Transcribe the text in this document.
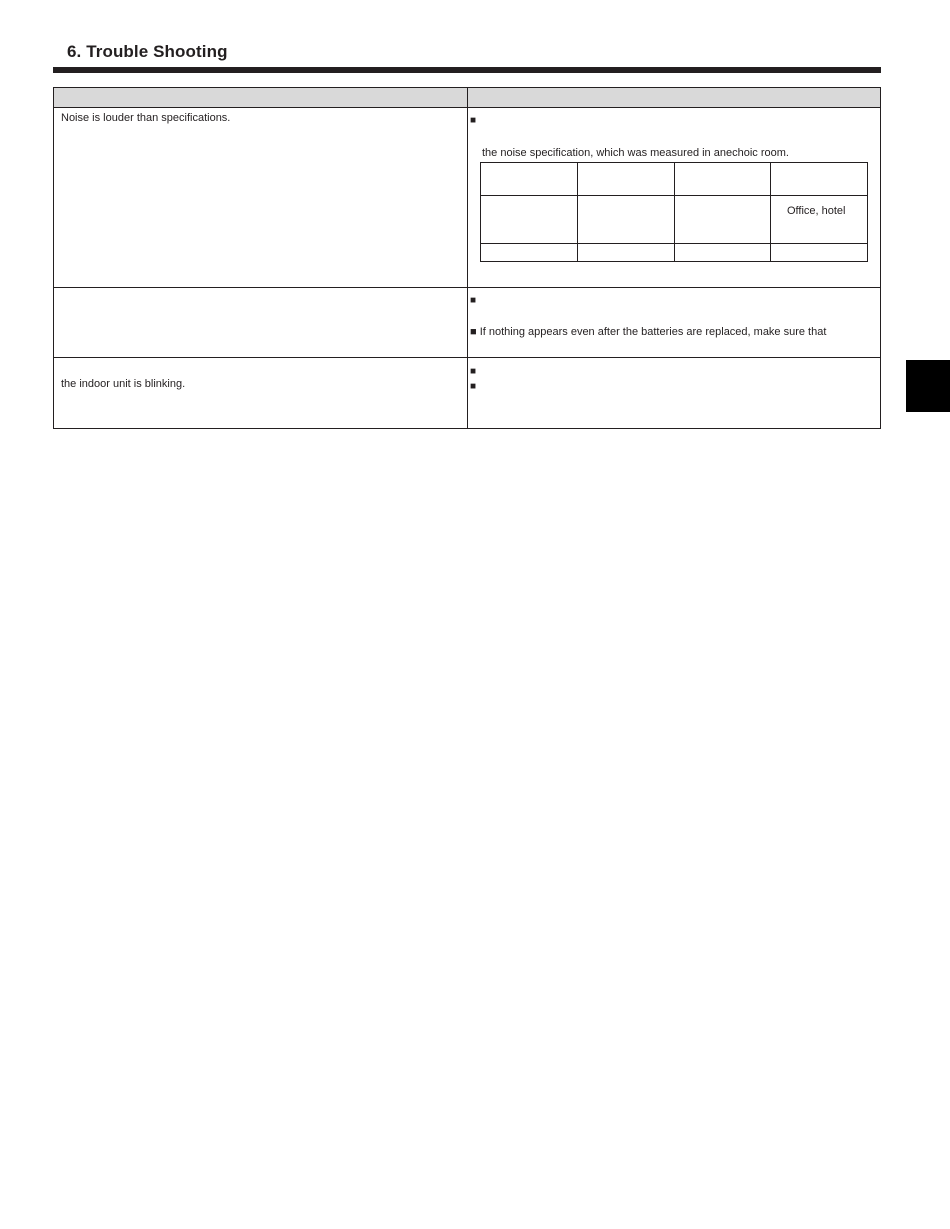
6. Trouble Shooting
Noise is louder than specifications.	■
the noise specification, which was measured in anechoic room.
Office, hotel
■
■ If nothing appears even after the batteries are replaced, make sure that
the indoor unit is blinking.
■
■
